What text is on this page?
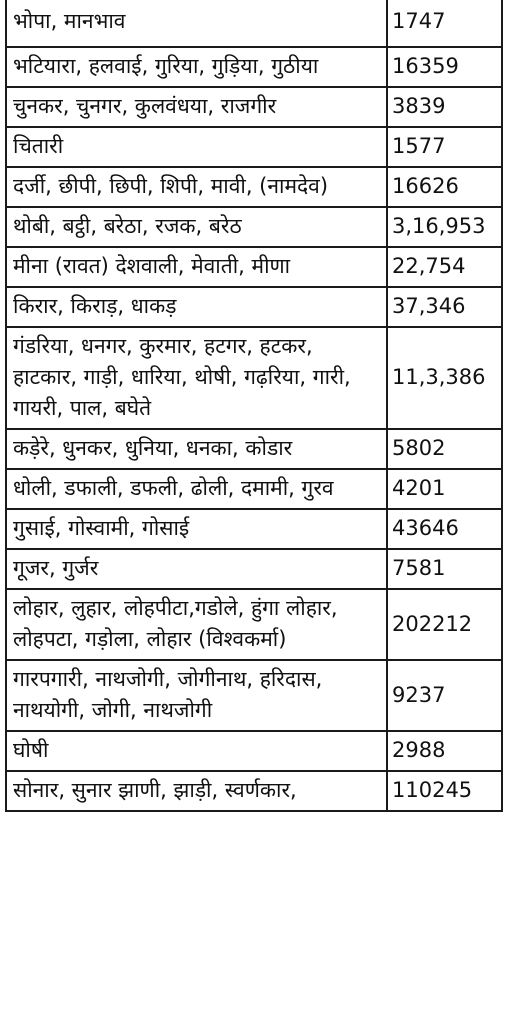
भोपा, मानभाव	1747
भटियारा, हलवाई, गुरिया, गुड़िया, गुठीया	16359
चुनकर, चुनगर, कुलवंधया, राजगीर	3839
चितारी	1577
दर्जी, छीपी, छिपी, शिपी, मावी, (नामदेव)	16626
थोबी, बट्ठी, बरेठा, रजक, बरेठ	3,16,953
मीना (रावत) देशवाली, मेवाती, मीणा	22,754
किरार, किराड़, धाकड़	37,346
गंडरिया, धनगर, कुरमार, हटगर, हटकर, हाटकार, गाड़ी, धारिया, थोषी, गढ़रिया, गारी, गायरी, पाल, बघेते	11,3,386
कड़ेरे, धुनकर, धुनिया, धनका, कोडार	5802
धोली, डफाली, डफली, ढोली, दमामी, गुरव	4201
गुसाई, गोस्वामी, गोसाई	43646
गूजर, गुर्जर	7581
लोहार, लुहार, लोहपीटा,गडोले, हुंगा लोहार, लोहपटा, गड़ोला, लोहार (विश्वकर्मा)	202212
गारपगारी, नाथजोगी, जोगीनाथ, हरिदास, नाथयोगी, जोगी, नाथजोगी	9237
घोषी	2988
सोनार, सुनार झाणी, झाड़ी, स्वर्णकार,	110245
